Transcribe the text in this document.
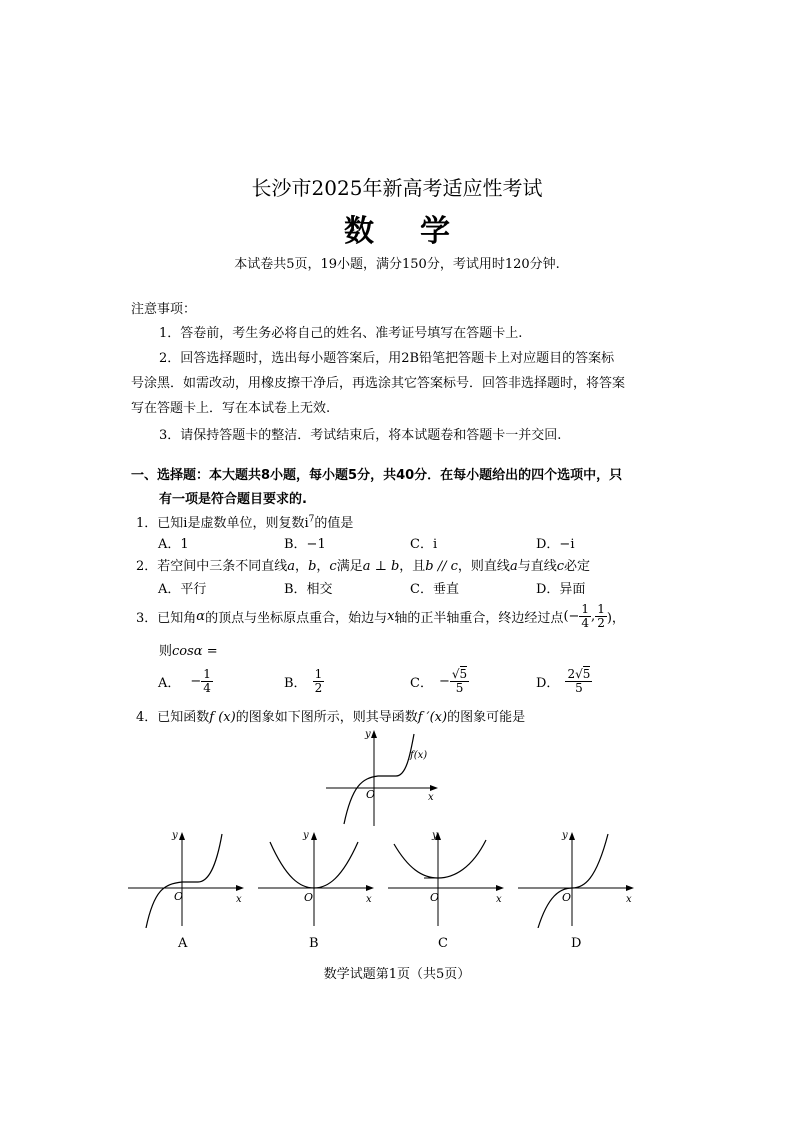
长沙市2025年新高考适应性考试
数学
本试卷共5页，19小题，满分150分，考试用时120分钟.
注意事项：
1．答卷前，考生务必将自己的姓名、准考证号填写在答题卡上.
2．回答选择题时，选出每小题答案后，用2B铅笔把答题卡上对应题目的答案标
号涂黑．如需改动，用橡皮擦干净后，再选涂其它答案标号．回答非选择题时，将答案
写在答题卡上．写在本试卷上无效.
3．请保持答题卡的整洁．考试结束后，将本试题卷和答题卡一并交回.
一、选择题：本大题共8小题，每小题5分，共40分．在每小题给出的四个选项中，只
有一项是符合题目要求的.
1．已知i是虚数单位，则复数$i^7$的值是
A．1	B．−1	C．i	D．−i
2．若空间中三条不同直线a，b，c满足a ⊥ b，且b // c，则直线a与直线c必定
A．平行	B．相交	C．垂直	D．异面
3．已知角 α 的顶点与坐标原点重合，始边与 x 轴的正半轴重合，终边经过点 (− $\frac{1}{4}$ , $\frac{1}{2}$ )，
则cosα =
A． − $\frac{1}{4}$	B． $\frac{1}{2}$	C． − $\frac{√5}{5}$	D． $\frac{2√5}{5}$
4．已知函数f (x)的图象如下图所示，则其导函数f ′(x)的图象可能是
y
O	x
f(x)
y
O	x
A
y
O	x
B
y
O	x
C
y
O	x
D
数学试题第1页（共5页）
